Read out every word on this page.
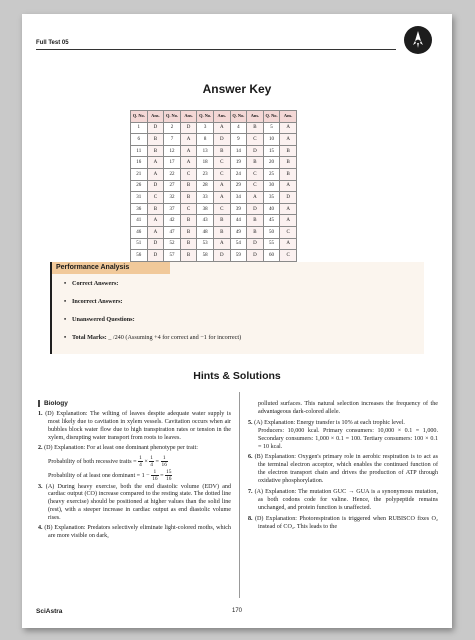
Full Test 05
Answer Key
Q. No.	Ans.	Q. No.	Ans.	Q. No.	Ans.	Q. No.	Ans.	Q. No.	Ans.
1	D	2	D	3	A	4	B	5	A
6	B	7	A	8	D	9	C	10	A
11	B	12	A	13	B	14	D	15	B
16	A	17	A	18	C	19	B	20	B
21	A	22	C	23	C	24	C	25	B
26	D	27	B	28	A	29	C	30	A
31	C	32	B	33	A	34	A	35	D
36	B	37	C	38	C	39	D	40	A
41	A	42	B	43	B	44	B	45	A
46	A	47	B	48	B	49	B	50	C
51	D	52	B	53	A	54	D	55	A
56	D	57	B	58	D	59	D	60	C
Performance Analysis
• Correct Answers:
• Incorrect Answers:
• Unanswered Questions:
• Total Marks: _ /240 (Assuming +4 for correct and −1 for incorrect)
Hints & Solutions
Biology

1. (D) Explanation: The wilting of leaves despite adequate water supply is most likely due to cavitation in xylem vessels. Cavitation occurs when air bubbles block water flow due to high transpiration rates or tension in the xylem, disrupting water transport from roots to leaves.

2. (D) Explanation: For at least one dominant phenotype per trait:

Probability of both recessive traits = $\frac{1}{4} \times \frac{1}{4} = \frac{1}{16}$

Probability of at least one dominant = $1 - \frac{1}{16} = \frac{15}{16}$

3. (A) During heavy exercise, both the end diastolic volume (EDV) and cardiac output (CO) increase compared to the resting state. The dotted line (heavy exercise) should be positioned at higher values than the solid line (rest), with a steeper increase in cardiac output as end diastolic volume rises.

4. (B) Explanation: Predators selectively eliminate light-colored moths, which are more visible on dark,

polluted surfaces. This natural selection increases the frequency of the advantageous dark-colored allele.

5. (A) Explanation: Energy transfer is 10% at each trophic level.

Producers: 10,000 kcal. Primary consumers: 10,000 × 0.1 = 1,000. Secondary consumers: 1,000 × 0.1 = 100. Tertiary consumers: 100 × 0.1 = 10 kcal.

6. (B) Explanation: Oxygen's primary role in aerobic respiration is to act as the terminal electron acceptor, which enables the continued function of the electron transport chain and drives the production of ATP through oxidative phosphorylation.

7. (A) Explanation: The mutation GUC → GUA is a synonymous mutation, as both codons code for valine. Hence, the polypeptide remains unchanged, and protein function is unaffected.

8. (D) Explanation: Photorespiration is triggered when RUBISCO fixes O₂ instead of CO₂. This leads to the

SciAstra	170
